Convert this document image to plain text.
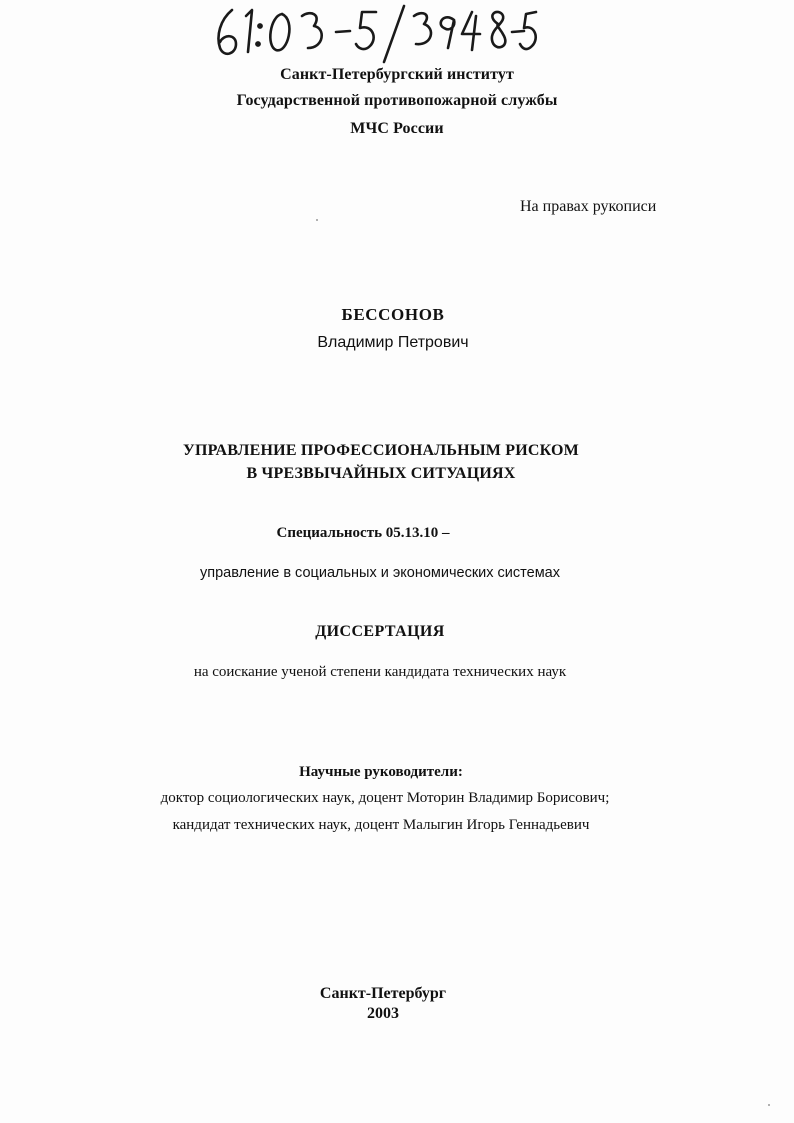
Санкт-Петербургский институт
Государственной противопожарной службы
МЧС России
На правах рукописи
БЕССОНОВ
Владимир Петрович
УПРАВЛЕНИЕ ПРОФЕССИОНАЛЬНЫМ РИСКОМ
В ЧРЕЗВЫЧАЙНЫХ СИТУАЦИЯХ
Специальность 05.13.10 –
управление в социальных и экономических системах
ДИССЕРТАЦИЯ
на соискание ученой степени кандидата технических наук
Научные руководители:
доктор социологических наук, доцент Моторин Владимир Борисович;
кандидат технических наук, доцент Малыгин Игорь Геннадьевич
Санкт-Петербург
2003
